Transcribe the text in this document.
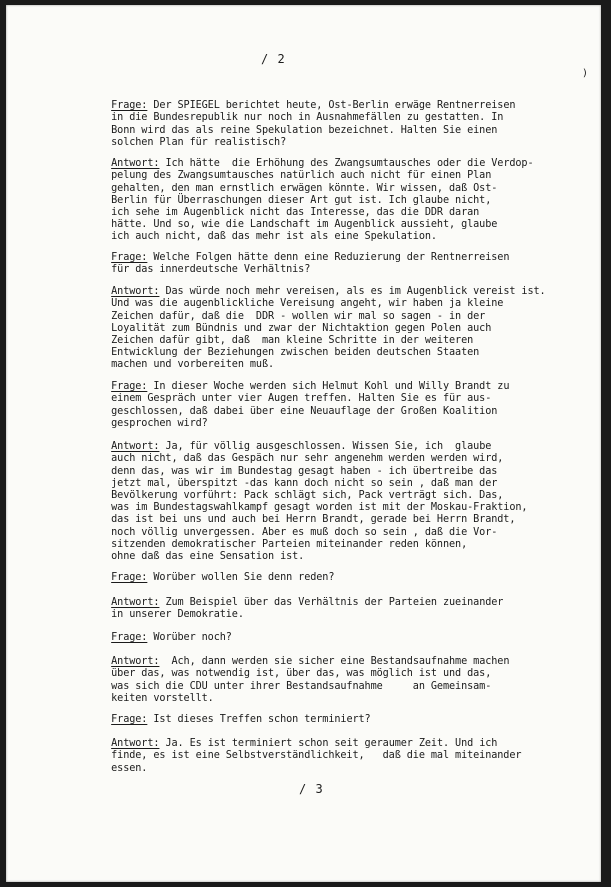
/ 2
)

Frage: Der SPIEGEL berichtet heute, Ost-Berlin erwäge Rentnerreisen
in die Bundesrepublik nur noch in Ausnahmefällen zu gestatten. In
Bonn wird das als reine Spekulation bezeichnet. Halten Sie einen
solchen Plan für realistisch?

Antwort: Ich hätte  die Erhöhung des Zwangsumtausches oder die Verdop-
pelung des Zwangsumtausches natürlich auch nicht für einen Plan
gehalten, den man ernstlich erwägen könnte. Wir wissen, daß Ost-
Berlin für Überraschungen dieser Art gut ist. Ich glaube nicht,
ich sehe im Augenblick nicht das Interesse, das die DDR daran
hätte. Und so, wie die Landschaft im Augenblick aussieht, glaube
ich auch nicht, daß das mehr ist als eine Spekulation.

Frage: Welche Folgen hätte denn eine Reduzierung der Rentnerreisen
für das innerdeutsche Verhältnis?

Antwort: Das würde noch mehr vereisen, als es im Augenblick vereist ist.
Und was die augenblickliche Vereisung angeht, wir haben ja kleine
Zeichen dafür, daß die  DDR - wollen wir mal so sagen - in der
Loyalität zum Bündnis und zwar der Nichtaktion gegen Polen auch
Zeichen dafür gibt, daß  man kleine Schritte in der weiteren
Entwicklung der Beziehungen zwischen beiden deutschen Staaten
machen und vorbereiten muß.

Frage: In dieser Woche werden sich Helmut Kohl und Willy Brandt zu
einem Gespräch unter vier Augen treffen. Halten Sie es für aus-
geschlossen, daß dabei über eine Neuauflage der Großen Koalition
gesprochen wird?

Antwort: Ja, für völlig ausgeschlossen. Wissen Sie, ich  glaube
auch nicht, daß das Gespäch nur sehr angenehm werden werden wird,
denn das, was wir im Bundestag gesagt haben - ich übertreibe das
jetzt mal, überspitzt -das kann doch nicht so sein , daß man der
Bevölkerung vorführt: Pack schlägt sich, Pack verträgt sich. Das,
was im Bundestagswahlkampf gesagt worden ist mit der Moskau-Fraktion,
das ist bei uns und auch bei Herrn Brandt, gerade bei Herrn Brandt,
noch völlig unvergessen. Aber es muß doch so sein , daß die Vor-
sitzenden demokratischer Parteien miteinander reden können,
ohne daß das eine Sensation ist.

Frage: Worüber wollen Sie denn reden?

Antwort: Zum Beispiel über das Verhältnis der Parteien zueinander
in unserer Demokratie.

Frage: Worüber noch?

Antwort:  Ach, dann werden sie sicher eine Bestandsaufnahme machen
über das, was notwendig ist, über das, was möglich ist und das,
was sich die CDU unter ihrer Bestandsaufnahme     an Gemeinsam-
keiten vorstellt.

Frage: Ist dieses Treffen schon terminiert?

Antwort: Ja. Es ist terminiert schon seit geraumer Zeit. Und ich
finde, es ist eine Selbstverständlichkeit,   daß die mal miteinander
essen.
/ 3
